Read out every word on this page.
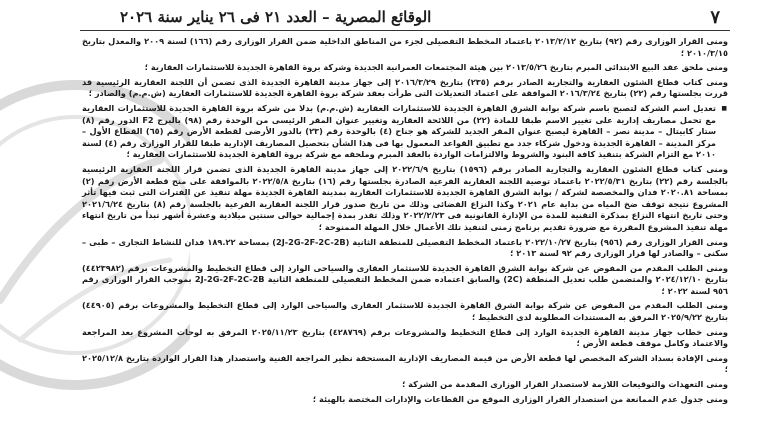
٧
الوقائع المصرية – العدد ٢١ فى ٢٦ يناير سنة ٢٠٢٦

ومنى القرار الوزارى رقم (٩٢) بتاريخ ٢٠١٣/٢/١٢ باعتماد المخطط التفصيلى لجزء من المناطق الداخلية ضمن القرار الوزارى رقم (١٦٦) لسنة ٢٠٠٩ والمعدل بتاريخ ٢٠١٠/٣/١٥ ؛

ومنى ملحق عقد البيع الابتدائى المبرم بتاريخ ٢٠١٣/٥/٢٦ بين هيئة المجتمعات العمرانية الجديدة وشركة بروة القاهرة الجديدة للاستثمارات العقارية ؛

ومنى كتاب قطاع الشئون العقارية والتجارية الصادر برقم (٢٣٥) بتاريخ ٢٠١٦/٣/٢٩ إلى جهاز مدينة القاهرة الجديدة الذى تضمن أن اللجنة العقارية الرئيسية قد قررت بجلستها رقم (٢٢) بتاريخ ٢٠١٦/٣/٢٤ الموافقة على اعتماد التعديلات التى طرأت بعقد شركة بروة القاهرة الجديدة للاستثمارات العقارية (ش.م.م) والصادر ؛

■ تعديل اسم الشركة لتصبح باسم شركة بوابة الشرق القاهرة الجديدة للاستثمارات العقارية (ش.م.م) بدلا من شركة بروة القاهرة الجديدة للاستثمارات العقارية مع تحمل مصاريف إدارية على تغيير الاسم طبقا للمادة (٢٢) من اللائحة العقارية وتغيير عنوان المقر الرئيسى من الوحدة رقم (٩٨) بالبرج F2 الدور رقم (٨) ستار كابيتال – مدينة نصر – القاهرة ليصبح عنوان المقر الجديد للشركة هو جناح (٤) بالوحدة رقم (٢٣) بالدور الأرضى لقطعة الأرض رقم (٦٥) القطاع الأول – مركز المدينة – القاهرة الجديدة ودخول شركاء جدد مع تطبيق القواعد المعمول بها فى هذا الشأن بتحصيل المصاريف الإدارية طبقا للقرار الوزارى رقم (٤) لسنة ٢٠١٠ مع التزام الشركة بتنفيذ كافة البنود والشروط والالتزامات الواردة بالعقد المبرم وملحقه مع شركة بروة القاهرة الجديدة للاستثمارات العقارية ؛

ومنى كتاب قطاع الشئون العقارية والتجارية الصادر برقم (١٥٩٦) بتاريخ ٢٠٢٢/٦/٩ إلى جهاز مدينة القاهرة الجديدة الذى تضمن قرار اللجنة العقارية الرئيسية بالجلسة رقم (٢٢) بتاريخ ٢٠٢٢/٥/٣١ باعتماد توصية اللجنة العقارية الفرعية الصادرة بجلستها رقم (١٦) بتاريخ ٢٠٢٢/٥/٨ بالموافقة على منح قطعة الأرض رقم (٢) بمساحة ٢٠٢٠.٨١ فدان والمخصصة لشركة / بوابة الشرق القاهرة الجديدة للاستثمارات العقارية بمدينة القاهرة الجديدة مهلة تنفيذ عن الفترات التى ثبت فيها تأثر المشروع نتيجة توقف ضخ المياه من بداية عام ٢٠٢١ وكذا النزاع القضائى وذلك من تاريخ صدور قرار اللجنة العقارية الفرعية بالجلسة رقم (٨) بتاريخ ٢٠٢١/٦/٢٤ وحتى تاريخ انتهاء النزاع بمذكرة التقنية للمدة من الإدارة القانونية فى ٢٠٢٢/٢/٢٣ وذلك تقدر بمدة إجمالية حوالى سنتين ميلادية وعشرة أشهر تبدأ من تاريخ انتهاء مهلة تنفيذ المشروع المقررة مع ضرورة تقديم برنامج زمنى لتنفيذ تلك الأعمال خلال المهلة الممنوحة ؛

ومنى القرار الوزارى رقم (٩٥٦) بتاريخ ٢٠٢٢/١٠/٢٧ باعتماد المخطط التفصيلى للمنطقة الثانية (2J-2G-2F-2C-2B) بمساحة ١٨٩.٢٢ فدان للنشاط التجارى – طبى – سكنى – والصادر لها قرار الوزارى رقم ٩٢ لسنة ٢٠١٣ ؛

ومنى الطلب المقدم من المفوض عن شركة بوابة الشرق القاهرة الجديدة للاستثمار العقارى والسياحى الوارد إلى قطاع التخطيط والمشروعات برقم (٤٤٢٣٩٨٢) بتاريخ ٢٠٢٤/١٢/١٠ والمتضمن طلب تعديل المنطقة (2C) والسابق اعتماده ضمن المخطط التفصيلى للمنطقة الثانية 2J-2G-2F-2C-2B بموجب القرار الوزارى رقم ٩٥٦ لسنة ٢٠٢٢ ؛

ومنى الطلب المقدم من المفوض عن شركة بوابة الشرق القاهرة الجديدة للاستثمار العقارى والسياحى الوارد إلى قطاع التخطيط والمشروعات برقم (٤٤٩٠٥) بتاريخ ٢٠٢٥/٩/٢٢ المرفق به المستندات المطلوبة لدى التخطيط ؛

ومنى خطاب جهاز مدينة القاهرة الجديدة الوارد إلى قطاع التخطيط والمشروعات برقم (٤٢٨٧٦٩) بتاريخ ٢٠٢٥/١١/٢٣ المرفق به لوحات المشروع بعد المراجعة والاعتماد وكامل موقف قطعة الأرض ؛

ومنى الإفادة بسداد الشركة المخصص لها قطعة الأرض من قيمة المصاريف الإدارية المستحقة نظير المراجعة الفنية واستصدار هذا القرار الواردة بتاريخ ٢٠٢٥/١٢/٨ ؛

ومنى التعهدات والتوقيعات اللازمة لاستصدار القرار الوزارى المقدمة من الشركة ؛

ومنى جدول عدم الممانعة من استصدار القرار الوزارى الموقع من القطاعات والإدارات المختصة بالهيئة ؛
